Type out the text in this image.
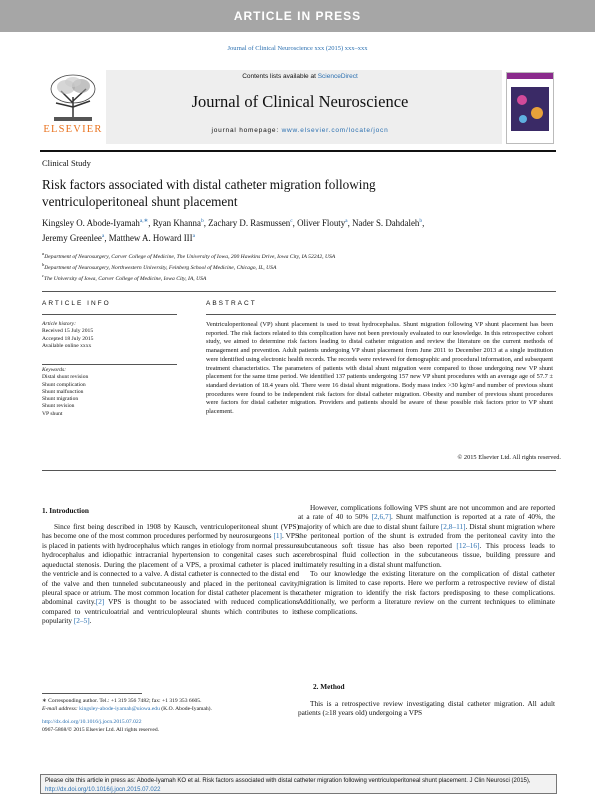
ARTICLE IN PRESS
Journal of Clinical Neuroscience xxx (2015) xxx–xxx
ELSEVIER
Contents lists available at ScienceDirect
Journal of Clinical Neuroscience
journal homepage: www.elsevier.com/locate/jocn
Clinical Study
Risk factors associated with distal catheter migration following
ventriculoperitoneal shunt placement
Kingsley O. Abode-Iyamah$^{a,∗}$, Ryan Khanna$^b$, Zachary D. Rasmussen$^c$, Oliver Flouty$^a$, Nader S. Dahdaleh$^b$,
Jeremy Greenlee$^a$, Matthew A. Howard III$^a$
$^a$Department of Neurosurgery, Carver College of Medicine, The University of Iowa, 200 Hawkins Drive, Iowa City, IA 52242, USA
$^b$Department of Neurosurgery, Northwestern University, Feinberg School of Medicine, Chicago, IL, USA
$^c$The University of Iowa, Carver College of Medicine, Iowa City, IA, USA
ARTICLE INFO	ABSTRACT
Article history:
Received 15 July 2015
Accepted 18 July 2015
Available online xxxx
Keywords:
Distal shunt revision
Shunt complication
Shunt malfunction
Shunt migration
Shunt revision
VP shunt
Ventriculoperitoneal (VP) shunt placement is used to treat hydrocephalus. Shunt migration following VP shunt placement has been reported. The risk factors related to this complication have not been previously evaluated to our knowledge. In this retrospective cohort study, we aimed to determine risk factors leading to distal catheter migration and review the literature on the current methods of management and prevention. Adult patients undergoing VP shunt placement from June 2011 to December 2013 at a single institution were identified using electronic health records. The records were reviewed for demographic and procedural information, and subsequent treatment characteristics. The parameters of patients with distal shunt migration were compared to those undergoing new VP shunt placement for the same time period. We identified 137 patients undergoing 157 new VP shunt procedures with an average age of 57.7 ± standard deviation of 18.4 years old. There were 16 distal shunt migrations. Body mass index >30 kg/m² and number of previous shunt procedures were found to be independent risk factors for distal catheter migration. Obesity and number of previous shunt procedures were factors for distal catheter migration. Providers and patients should be aware of these possible risk factors prior to VP shunt placement.
© 2015 Elsevier Ltd. All rights reserved.
1. Introduction

Since first being described in 1908 by Kausch, ventriculoperitoneal shunt (VPS) has become one of the most common procedures performed by neurosurgeons [1]. VPS is placed in patients with hydrocephalus which ranges in etiology from normal pressure hydrocephalus and idiopathic intracranial hypertension to congenital cases such as aqueductal stenosis. During the placement of a VPS, a proximal catheter is placed in the ventricle and is connected to a valve. A distal catheter is connected to the distal end of the valve and then tunneled subcutaneously and placed in the peritoneal cavity, pleural space or atrium. The most common location for distal catheter placement is the abdominal cavity.[2] VPS is thought to be associated with reduced complications compared to ventriculoatrial and ventriculopleural shunts which contributes to its popularity [2–5].

However, complications following VPS shunt are not uncommon and are reported at a rate of 40 to 50% [2,6,7]. Shunt malfunction is reported at a rate of 40%, the majority of which are due to distal shunt failure [2,8–11]. Distal shunt migration where the peritoneal portion of the shunt is extruded from the peritoneal cavity into the subcutaneous soft tissue has also been reported [12–16]. This process leads to cerebrospinal fluid collection in the subcutaneous tissue, building pressure and ultimately resulting in a distal shunt malfunction.

To our knowledge the existing literature on the complication of distal catheter migration is limited to case reports. Here we perform a retrospective review of distal catheter migration to identify the risk factors predisposing to these complications. Additionally, we perform a literature review on the current techniques to eliminate these complications.

2. Method

This is a retrospective review investigating distal catheter migration. All adult patients (≥18 years old) undergoing a VPS

∗ Corresponding author. Tel.: +1 319 356 7482; fax: +1 319 353 6605.
E-mail address: kingsley-abode-iyamah@uiowa.edu (K.O. Abode-Iyamah).
http://dx.doi.org/10.1016/j.jocn.2015.07.022
0967-5868/© 2015 Elsevier Ltd. All rights reserved.
Please cite this article in press as: Abode-Iyamah KO et al. Risk factors associated with distal catheter migration following ventriculoperitoneal shunt placement. J Clin Neurosci (2015), http://dx.doi.org/10.1016/j.jocn.2015.07.022
